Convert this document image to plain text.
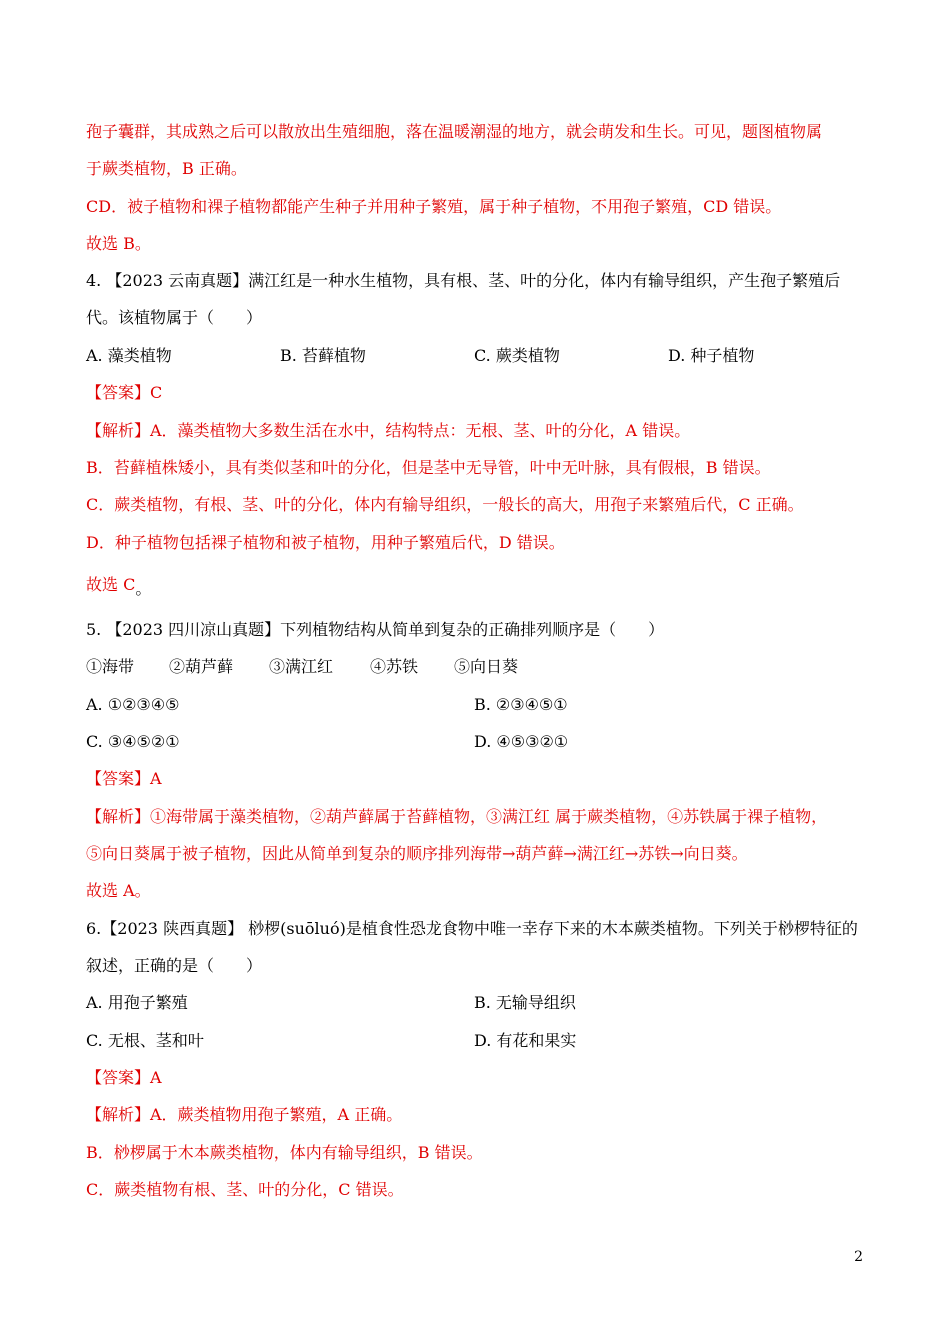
孢子囊群，其成熟之后可以散放出生殖细胞，落在温暖潮湿的地方，就会萌发和生长。可见，题图植物属
于蕨类植物，B 正确。
CD．被子植物和裸子植物都能产生种子并用种子繁殖，属于种子植物，不用孢子繁殖，CD 错误。
故选 B。
4. 【2023 云南真题】满江红是一种水生植物，具有根、茎、叶的分化，体内有输导组织，产生孢子繁殖后
代。该植物属于（　　）
A. 藻类植物	B. 苔藓植物	C. 蕨类植物	D. 种子植物
【答案】C
【解析】A．藻类植物大多数生活在水中，结构特点：无根、茎、叶的分化，A 错误。
B．苔藓植株矮小，具有类似茎和叶的分化，但是茎中无导管，叶中无叶脉，具有假根，B 错误。
C．蕨类植物，有根、茎、叶的分化，体内有输导组织，一般长的高大，用孢子来繁殖后代，C 正确。
D．种子植物包括裸子植物和被子植物，用种子繁殖后代，D 错误。
故选 C。
5. 【2023 四川凉山真题】下列植物结构从简单到复杂的正确排列顺序是（　　）
①海带 ②葫芦藓 ③满江红 ④苏铁 ⑤向日葵
A. ①②③④⑤	B. ②③④⑤①
C. ③④⑤②①	D. ④⑤③②①
【答案】A
【解析】①海带属于藻类植物，②葫芦藓属于苔藓植物，③满江红 属于蕨类植物，④苏铁属于裸子植物，
⑤向日葵属于被子植物，因此从简单到复杂的顺序排列海带→葫芦藓→满江红→苏铁→向日葵。
故选 A。
6.【2023 陕西真题】 桫椤(suōluó)是植食性恐龙食物中唯一幸存下来的木本蕨类植物。下列关于桫椤特征的
叙述，正确的是（　　）
A. 用孢子繁殖	B. 无输导组织
C. 无根、茎和叶	D. 有花和果实
【答案】A
【解析】A．蕨类植物用孢子繁殖，A 正确。
B．桫椤属于木本蕨类植物，体内有输导组织，B 错误。
C．蕨类植物有根、茎、叶的分化，C 错误。
2
